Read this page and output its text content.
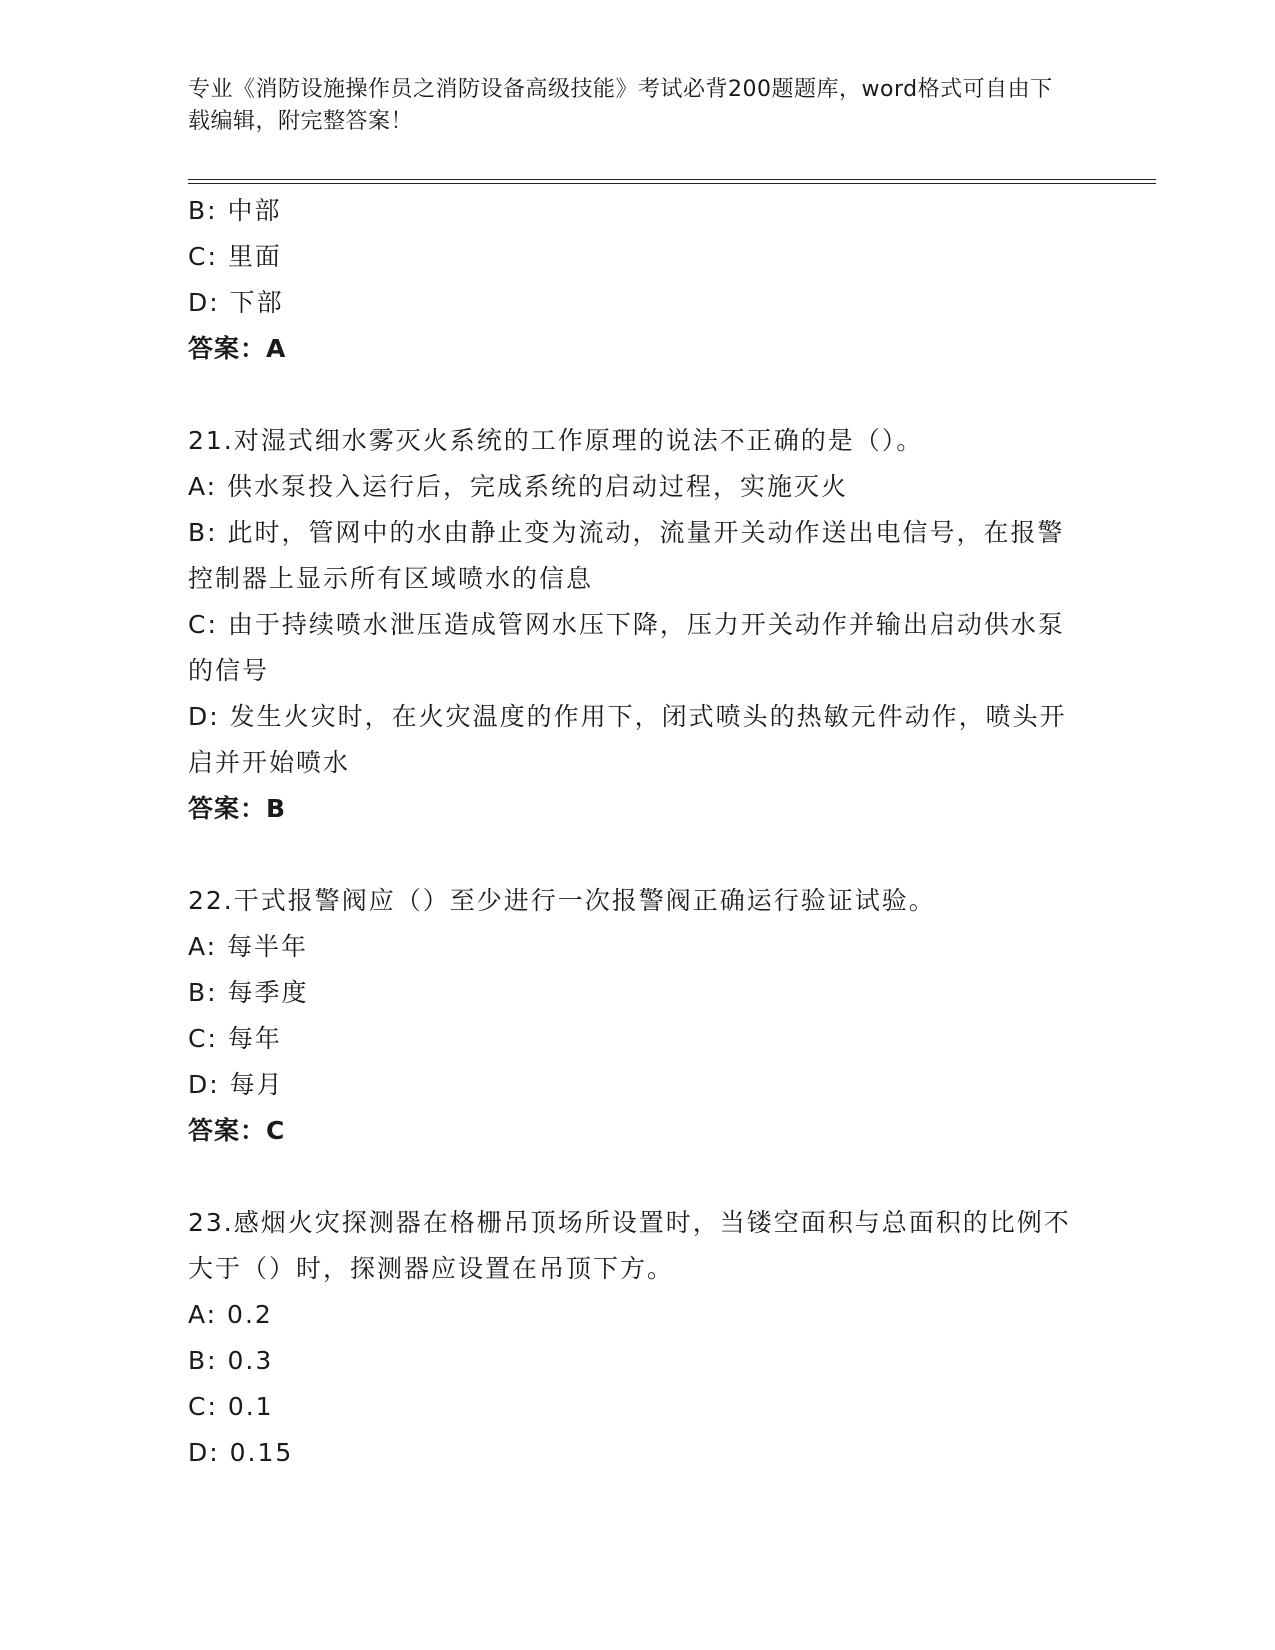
专业《消防设施操作员之消防设备高级技能》考试必背200题题库，word格式可自由下载编辑，附完整答案！
B: 中部
C: 里面
D: 下部
答案：A
21.对湿式细水雾灭火系统的工作原理的说法不正确的是（）。
A: 供水泵投入运行后，完成系统的启动过程，实施灭火
B: 此时，管网中的水由静止变为流动，流量开关动作送出电信号，在报警控制器上显示所有区域喷水的信息
C: 由于持续喷水泄压造成管网水压下降，压力开关动作并输出启动供水泵的信号
D: 发生火灾时，在火灾温度的作用下，闭式喷头的热敏元件动作，喷头开启并开始喷水
答案：B
22.干式报警阀应（）至少进行一次报警阀正确运行验证试验。
A: 每半年
B: 每季度
C: 每年
D: 每月
答案：C
23.感烟火灾探测器在格栅吊顶场所设置时，当镂空面积与总面积的比例不大于（）时，探测器应设置在吊顶下方。
A: 0.2
B: 0.3
C: 0.1
D: 0.15
